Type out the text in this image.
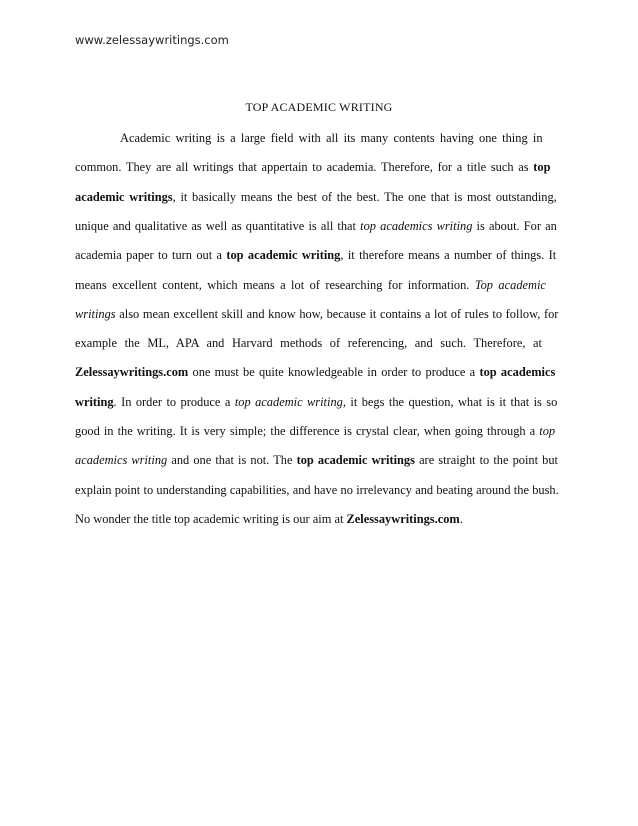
www.zelessaywritings.com
TOP ACADEMIC WRITING
Academic writing is a large field with all its many contents having one thing in
common. They are all writings that appertain to academia. Therefore, for a title such as top
academic writings, it basically means the best of the best. The one that is most outstanding,
unique and qualitative as well as quantitative is all that top academics writing is about. For an
academia paper to turn out a top academic writing, it therefore means a number of things. It
means excellent content, which means a lot of researching for information. Top academic
writings also mean excellent skill and know how, because it contains a lot of rules to follow, for
example the ML, APA and Harvard methods of referencing, and such. Therefore, at
Zelessaywritings.com one must be quite knowledgeable in order to produce a top academics
writing. In order to produce a top academic writing, it begs the question, what is it that is so
good in the writing. It is very simple; the difference is crystal clear, when going through a top
academics writing and one that is not. The top academic writings are straight to the point but
explain point to understanding capabilities, and have no irrelevancy and beating around the bush.
No wonder the title top academic writing is our aim at Zelessaywritings.com.
